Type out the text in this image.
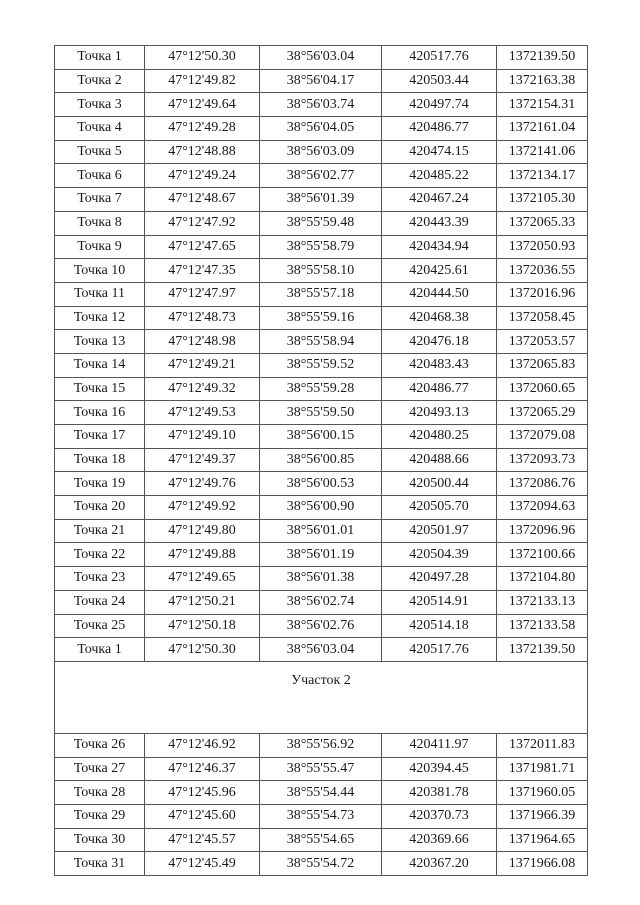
Точка 1	47°12'50.30	38°56'03.04	420517.76	1372139.50
Точка 2	47°12'49.82	38°56'04.17	420503.44	1372163.38
Точка 3	47°12'49.64	38°56'03.74	420497.74	1372154.31
Точка 4	47°12'49.28	38°56'04.05	420486.77	1372161.04
Точка 5	47°12'48.88	38°56'03.09	420474.15	1372141.06
Точка 6	47°12'49.24	38°56'02.77	420485.22	1372134.17
Точка 7	47°12'48.67	38°56'01.39	420467.24	1372105.30
Точка 8	47°12'47.92	38°55'59.48	420443.39	1372065.33
Точка 9	47°12'47.65	38°55'58.79	420434.94	1372050.93
Точка 10	47°12'47.35	38°55'58.10	420425.61	1372036.55
Точка 11	47°12'47.97	38°55'57.18	420444.50	1372016.96
Точка 12	47°12'48.73	38°55'59.16	420468.38	1372058.45
Точка 13	47°12'48.98	38°55'58.94	420476.18	1372053.57
Точка 14	47°12'49.21	38°55'59.52	420483.43	1372065.83
Точка 15	47°12'49.32	38°55'59.28	420486.77	1372060.65
Точка 16	47°12'49.53	38°55'59.50	420493.13	1372065.29
Точка 17	47°12'49.10	38°56'00.15	420480.25	1372079.08
Точка 18	47°12'49.37	38°56'00.85	420488.66	1372093.73
Точка 19	47°12'49.76	38°56'00.53	420500.44	1372086.76
Точка 20	47°12'49.92	38°56'00.90	420505.70	1372094.63
Точка 21	47°12'49.80	38°56'01.01	420501.97	1372096.96
Точка 22	47°12'49.88	38°56'01.19	420504.39	1372100.66
Точка 23	47°12'49.65	38°56'01.38	420497.28	1372104.80
Точка 24	47°12'50.21	38°56'02.74	420514.91	1372133.13
Точка 25	47°12'50.18	38°56'02.76	420514.18	1372133.58
Точка 1	47°12'50.30	38°56'03.04	420517.76	1372139.50
Участок 2				
Точка 26	47°12'46.92	38°55'56.92	420411.97	1372011.83
Точка 27	47°12'46.37	38°55'55.47	420394.45	1371981.71
Точка 28	47°12'45.96	38°55'54.44	420381.78	1371960.05
Точка 29	47°12'45.60	38°55'54.73	420370.73	1371966.39
Точка 30	47°12'45.57	38°55'54.65	420369.66	1371964.65
Точка 31	47°12'45.49	38°55'54.72	420367.20	1371966.08
